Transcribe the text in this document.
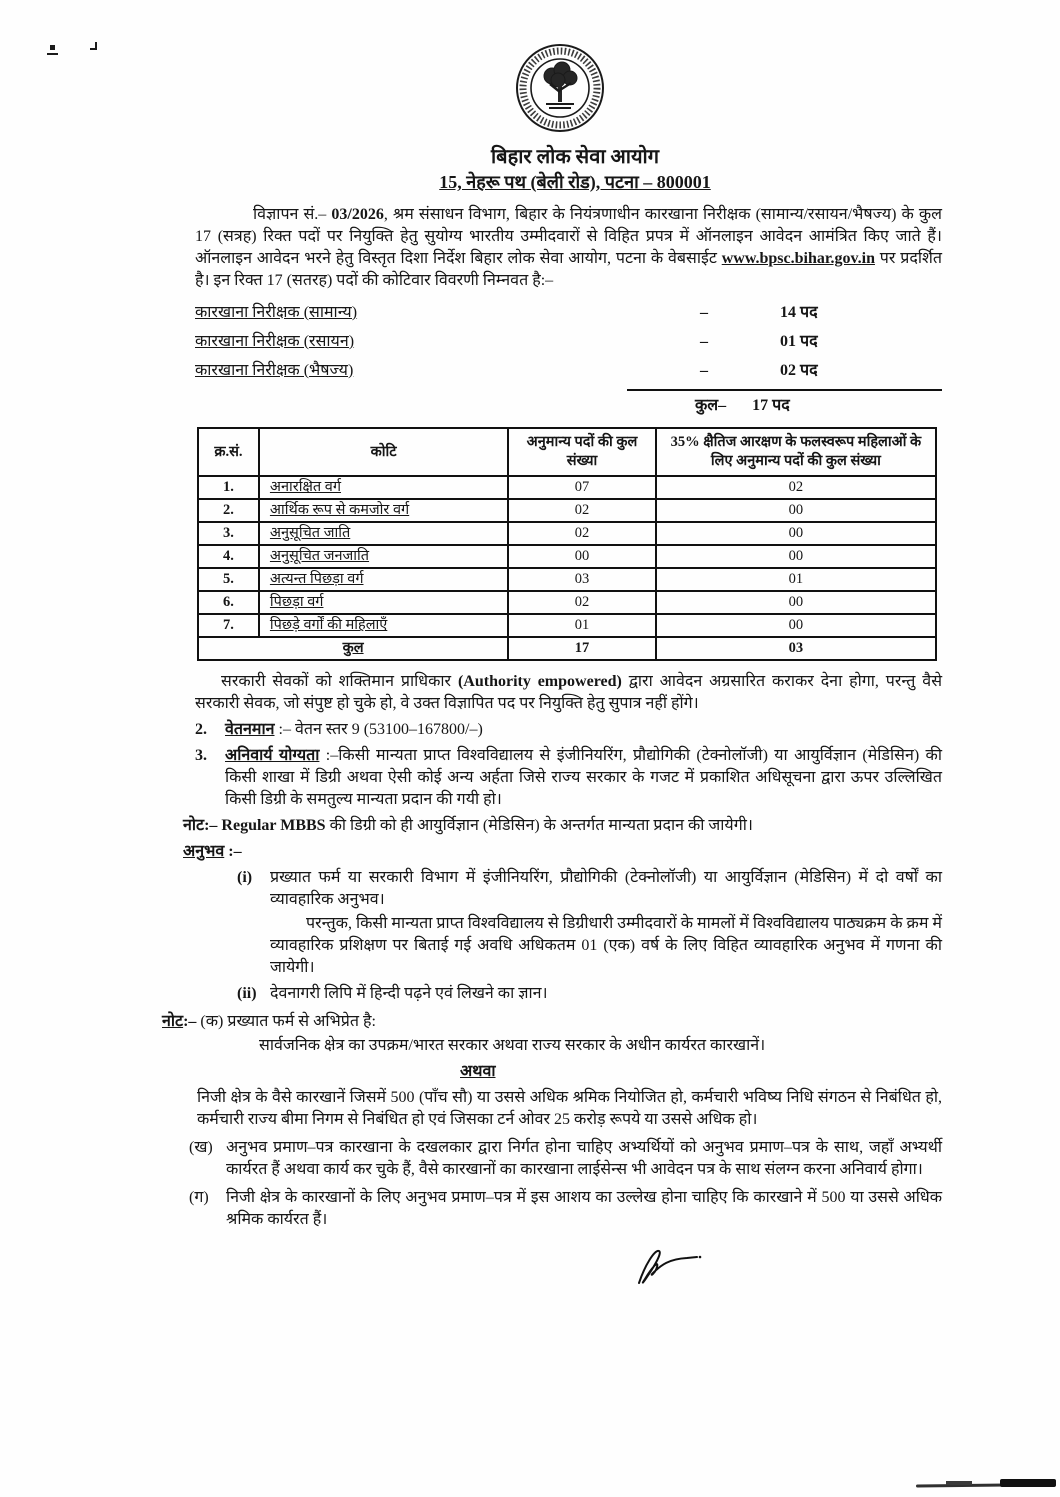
बिहार लोक सेवा आयोग
15, नेहरू पथ (बेली रोड), पटना – 800001

विज्ञापन सं.– 03/2026, श्रम संसाधन विभाग, बिहार के नियंत्रणाधीन कारखाना निरीक्षक (सामान्य/रसायन/भैषज्य) के कुल 17 (सत्रह) रिक्त पदों पर नियुक्ति हेतु सुयोग्य भारतीय उम्मीदवारों से विहित प्रपत्र में ऑनलाइन आवेदन आमंत्रित किए जाते हैं। ऑनलाइन आवेदन भरने हेतु विस्तृत दिशा निर्देश बिहार लोक सेवा आयोग, पटना के वेबसाईट www.bpsc.bihar.gov.in पर प्रदर्शित है। इन रिक्त 17 (सतरह) पदों की कोटिवार विवरणी निम्नवत है:–

कारखाना निरीक्षक (सामान्य)	–	14 पद
कारखाना निरीक्षक (रसायन)	–	01 पद
कारखाना निरीक्षक (भैषज्य)	–	02 पद
कुल– 17 पद
क्र.सं.	कोटि	अनुमान्य पदों की कुल संख्या	35% क्षैतिज आरक्षण के फलस्वरूप महिलाओं के लिए अनुमान्य पदों की कुल संख्या
1.	अनारक्षित वर्ग	07	02
2.	आर्थिक रूप से कमजोर वर्ग	02	00
3.	अनुसूचित जाति	02	00
4.	अनुसूचित जनजाति	00	00
5.	अत्यन्त पिछड़ा वर्ग	03	01
6.	पिछड़ा वर्ग	02	00
7.	पिछड़े वर्गों की महिलाएँ	01	00
कुल		17	03

सरकारी सेवकों को शक्तिमान प्राधिकार (Authority empowered) द्वारा आवेदन अग्रसारित कराकर देना होगा, परन्तु वैसे सरकारी सेवक, जो संपुष्ट हो चुके हो, वे उक्त विज्ञापित पद पर नियुक्ति हेतु सुपात्र नहीं होंगे।

2.	वेतनमान :– वेतन स्तर 9 (53100–167800/–)
3.	अनिवार्य योग्यता :–किसी मान्यता प्राप्त विश्वविद्यालय से इंजीनियरिंग, प्रौद्योगिकी (टेक्नोलॉजी) या आयुर्विज्ञान (मेडिसिन) की किसी शाखा में डिग्री अथवा ऐसी कोई अन्य अर्हता जिसे राज्य सरकार के गजट में प्रकाशित अधिसूचना द्वारा ऊपर उल्लिखित किसी डिग्री के समतुल्य मान्यता प्रदान की गयी हो।

नोट:– Regular MBBS की डिग्री को ही आयुर्विज्ञान (मेडिसिन) के अन्तर्गत मान्यता प्रदान की जायेगी।

अनुभव :–

(i)	प्रख्यात फर्म या सरकारी विभाग में इंजीनियरिंग, प्रौद्योगिकी (टेक्नोलॉजी) या आयुर्विज्ञान (मेडिसिन) में दो वर्षों का व्यावहारिक अनुभव।

परन्तुक, किसी मान्यता प्राप्त विश्वविद्यालय से डिग्रीधारी उम्मीदवारों के मामलों में विश्वविद्यालय पाठ्यक्रम के क्रम में व्यावहारिक प्रशिक्षण पर बिताई गई अवधि अधिकतम 01 (एक) वर्ष के लिए विहित व्यावहारिक अनुभव में गणना की जायेगी।

(ii) देवनागरी लिपि में हिन्दी पढ़ने एवं लिखने का ज्ञान।

नोट:– (क) प्रख्यात फर्म से अभिप्रेत है:

सार्वजनिक क्षेत्र का उपक्रम/भारत सरकार अथवा राज्य सरकार के अधीन कार्यरत कारखानें।

अथवा

निजी क्षेत्र के वैसे कारखानें जिसमें 500 (पाँच सौ) या उससे अधिक श्रमिक नियोजित हो, कर्मचारी भविष्य निधि संगठन से निबंधित हो, कर्मचारी राज्य बीमा निगम से निबंधित हो एवं जिसका टर्न ओवर 25 करोड़ रूपये या उससे अधिक हो।

(ख) अनुभव प्रमाण–पत्र कारखाना के दखलकार द्वारा निर्गत होना चाहिए अभ्यर्थियों को अनुभव प्रमाण–पत्र के साथ, जहाँ अभ्यर्थी कार्यरत हैं अथवा कार्य कर चुके हैं, वैसे कारखानों का कारखाना लाईसेन्स भी आवेदन पत्र के साथ संलग्न करना अनिवार्य होगा।
(ग)	निजी क्षेत्र के कारखानों के लिए अनुभव प्रमाण–पत्र में इस आशय का उल्लेख होना चाहिए कि कारखाने में 500 या उससे अधिक श्रमिक कार्यरत हैं।
